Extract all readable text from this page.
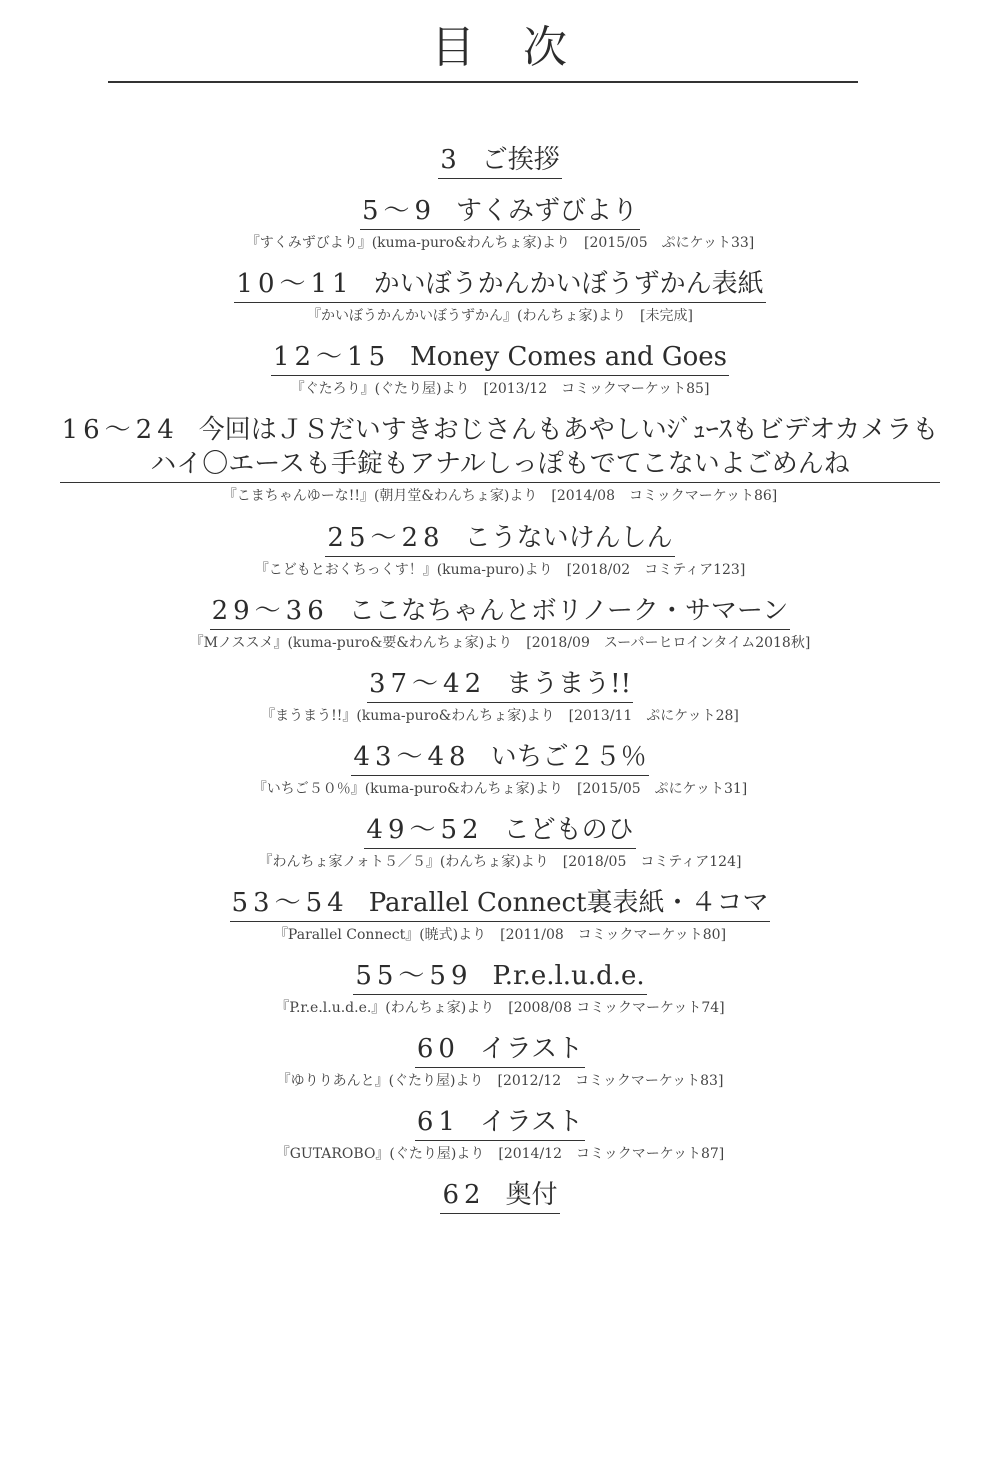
目　次
3 ご挨拶
5～9 すくみずびより
『すくみずびより』(kuma-puro&わんちょ家)より　[2015/05　ぷにケット33]
10～11 かいぼうかんかいぼうずかん表紙
『かいぼうかんかいぼうずかん』(わんちょ家)より　[未完成]
12～15 Money Comes and Goes
『ぐたろり』(ぐたり屋)より　[2013/12　コミックマーケット85]
16～24 今回はＪＳだいすきおじさんもあやしいｼﾞｭｰｽもビデオカメラも
ハイ〇エースも手錠もアナルしっぽもでてこないよごめんね
『こまちゃんゆーな!!』(朝月堂&わんちょ家)より　[2014/08　コミックマーケット86]
25～28 こうないけんしん
『こどもとおくちっくす！』(kuma-puro)より　[2018/02　コミティア123]
29～36 ここなちゃんとボリノーク・サマーン
『Mノススメ』(kuma-puro&要&わんちょ家)より　[2018/09　スーパーヒロインタイム2018秋]
37～42 まうまう!!
『まうまう!!』(kuma-puro&わんちょ家)より　[2013/11　ぷにケット28]
43～48 いちご２５％
『いちご５０％』(kuma-puro&わんちょ家)より　[2015/05　ぷにケット31]
49～52 こどものひ
『わんちょ家ノォト５／５』(わんちょ家)より　[2018/05　コミティア124]
53～54 Parallel Connect裏表紙・４コマ
『Parallel Connect』(暁式)より　[2011/08　コミックマーケット80]
55～59 P.r.e.l.u.d.e.
『P.r.e.l.u.d.e.』(わんちょ家)より　[2008/08 コミックマーケット74]
60 イラスト
『ゆりりあんと』(ぐたり屋)より　[2012/12　コミックマーケット83]
61 イラスト
『GUTAROBO』(ぐたり屋)より　[2014/12　コミックマーケット87]
62 奥付
